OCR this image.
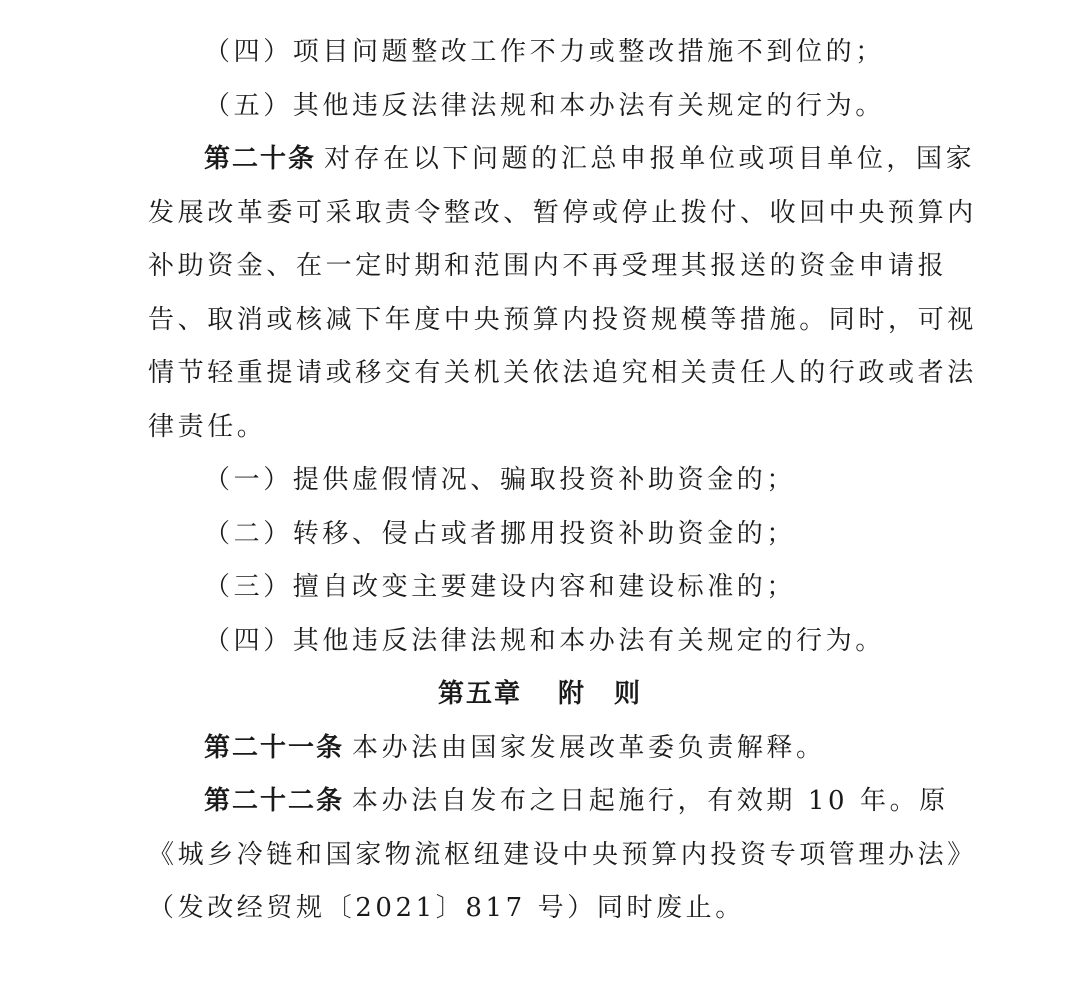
（四）项目问题整改工作不力或整改措施不到位的；
（五）其他违反法律法规和本办法有关规定的行为。
第二十条 对存在以下问题的汇总申报单位或项目单位，国家
发展改革委可采取责令整改、暂停或停止拨付、收回中央预算内
补助资金、在一定时期和范围内不再受理其报送的资金申请报
告、取消或核减下年度中央预算内投资规模等措施。同时，可视
情节轻重提请或移交有关机关依法追究相关责任人的行政或者法
律责任。
（一）提供虚假情况、骗取投资补助资金的；
（二）转移、侵占或者挪用投资补助资金的；
（三）擅自改变主要建设内容和建设标准的；
（四）其他违反法律法规和本办法有关规定的行为。
第五章 附　则
第二十一条 本办法由国家发展改革委负责解释。
第二十二条 本办法自发布之日起施行，有效期 10 年。原
《城乡冷链和国家物流枢纽建设中央预算内投资专项管理办法》
（发改经贸规〔2021〕817 号）同时废止。
